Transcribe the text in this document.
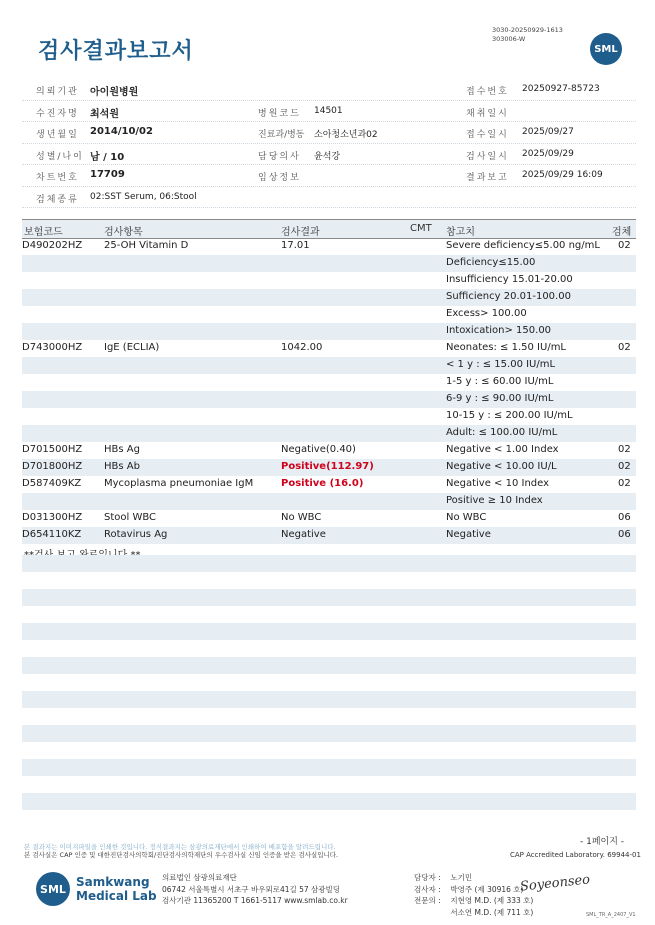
검사결과보고서
3030-20250929-1613
303006-W
SML
의뢰기관 아이원병원	접수번호 20250927-85723
수진자명 최석원	병원코드 14501	채취일시
생년월일 2014/10/02	진료과/병동 소아청소년과02	접수일시 2025/09/27
성별/나이 남 / 10	담당의사 윤석강	검사일시 2025/09/29
차트번호 17709	임상정보	결과보고 2025/09/29 16:09
검체종류 02:SST Serum, 06:Stool
보험코드	검사항목	검사결과	CMT 참고치	검체
D490202HZ 25-OH Vitamin D	17.01	Severe deficiency≤5.00 ng/mL 02
Deficiency≤15.00
Insufficiency 15.01-20.00
Sufficiency 20.01-100.00
Excess> 100.00
Intoxication> 150.00
D743000HZ IgE (ECLIA)	1042.00	Neonates: ≤ 1.50 IU/mL	02
< 1 y : ≤ 15.00 IU/mL
1-5 y : ≤ 60.00 IU/mL
6-9 y : ≤ 90.00 IU/mL
10-15 y : ≤ 200.00 IU/mL
Adult: ≤ 100.00 IU/mL
D701500HZ HBs Ag	Negative(0.40)	Negative < 1.00 Index	02
D701800HZ HBs Ab	Positive(112.97)	Negative < 10.00 IU/L	02
D587409KZ Mycoplasma pneumoniae IgM	Positive (16.0)	Negative < 10 Index	02
Positive ≥ 10 Index
D031300HZ Stool WBC	No WBC	No WBC	06
D654110KZ Rotavirus Ag	Negative	Negative	06
- 1페이지 -
본 결과지는 이미지파일을 인쇄한 것입니다. 정식결과지는 삼광의료재단에서 인쇄하여 배포함을 알려드립니다.
본 검사실은 CAP 인증 및 대한진단검사의학회/진단검사의학재단의 우수검사실 신임 인증을 받은 검사실입니다.	CAP Accredited Laboratory. 69944-01
SML Samkwang
Medical Lab
의료법인 삼광의료재단
06742 서울특별시 서초구 바우뫼로41길 57 삼광빌딩
검사기관 11365200 T 1661-5117 www.smlab.co.kr
담당자 : 노기민
검사자 : 박영주 (제 30916 호)
전문의 : 지현영 M.D. (제 333 호)
서소연 M.D. (제 711 호)
Soyeonseo
SML_TR_A_2407_V1
